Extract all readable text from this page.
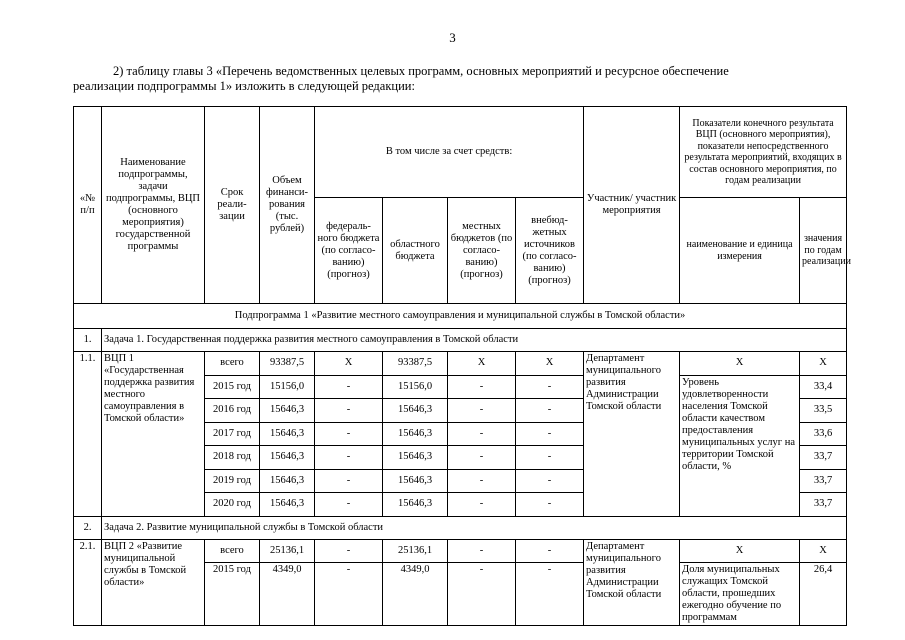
3
2) таблицу главы 3 «Перечень ведомственных целевых программ, основных мероприятий и ресурсное обеспечение
реализации подпрограммы 1» изложить в следующей редакции:
«№ п/п	Наименование подпрограммы, задачи подпрограммы, ВЦП (основного мероприятия) государственной программы	Срок реали-зации	Объем финанси-рования (тыс. рублей)	В том числе за счет средств:				Участник/ участник мероприятия	Показатели конечного результата ВЦП (основного мероприятия), показатели непосредственного результата мероприятий, входящих в состав основного мероприятия, по годам реализации	
				федераль-ного бюджета (по согласо-ванию) (прогноз)	областного бюджета	местных бюджетов (по согласо-ванию) (прогноз)	внебюд-жетных источников (по согласо-ванию) (прогноз)		наименование и единица измерения	значения по годам реализации
Подпрограмма 1 «Развитие местного самоуправления и муниципальной службы в Томской области»										
1.	Задача 1. Государственная поддержка развития местного самоуправления в Томской области									
1.1.	ВЦП 1 «Государственная поддержка развития местного самоуправления в Томской области»	всего	93387,5	Х	93387,5	Х	Х	Департамент муниципального развития Администрации Томской области	Х	Х
		2015 год	15156,0	-	15156,0	-	-		Уровень удовлетворенности населения Томской области качеством предоставления муниципальных услуг на территории Томской области, %	33,4
		2016 год	15646,3	-	15646,3	-	-			33,5
		2017 год	15646,3	-	15646,3	-	-			33,6
		2018 год	15646,3	-	15646,3	-	-			33,7
		2019 год	15646,3	-	15646,3	-	-			33,7
		2020 год	15646,3	-	15646,3	-	-			33,7
2.	Задача 2. Развитие муниципальной службы в Томской области									
2.1.	ВЦП 2 «Развитие муниципальной службы в Томской области»	всего	25136,1	-	25136,1	-	-	Департамент муниципального развития Администрации Томской области	Х	Х
		2015 год	4349,0	-	4349,0	-	-		Доля муниципальных служащих Томской области, прошедших ежегодно обучение по программам	26,4
